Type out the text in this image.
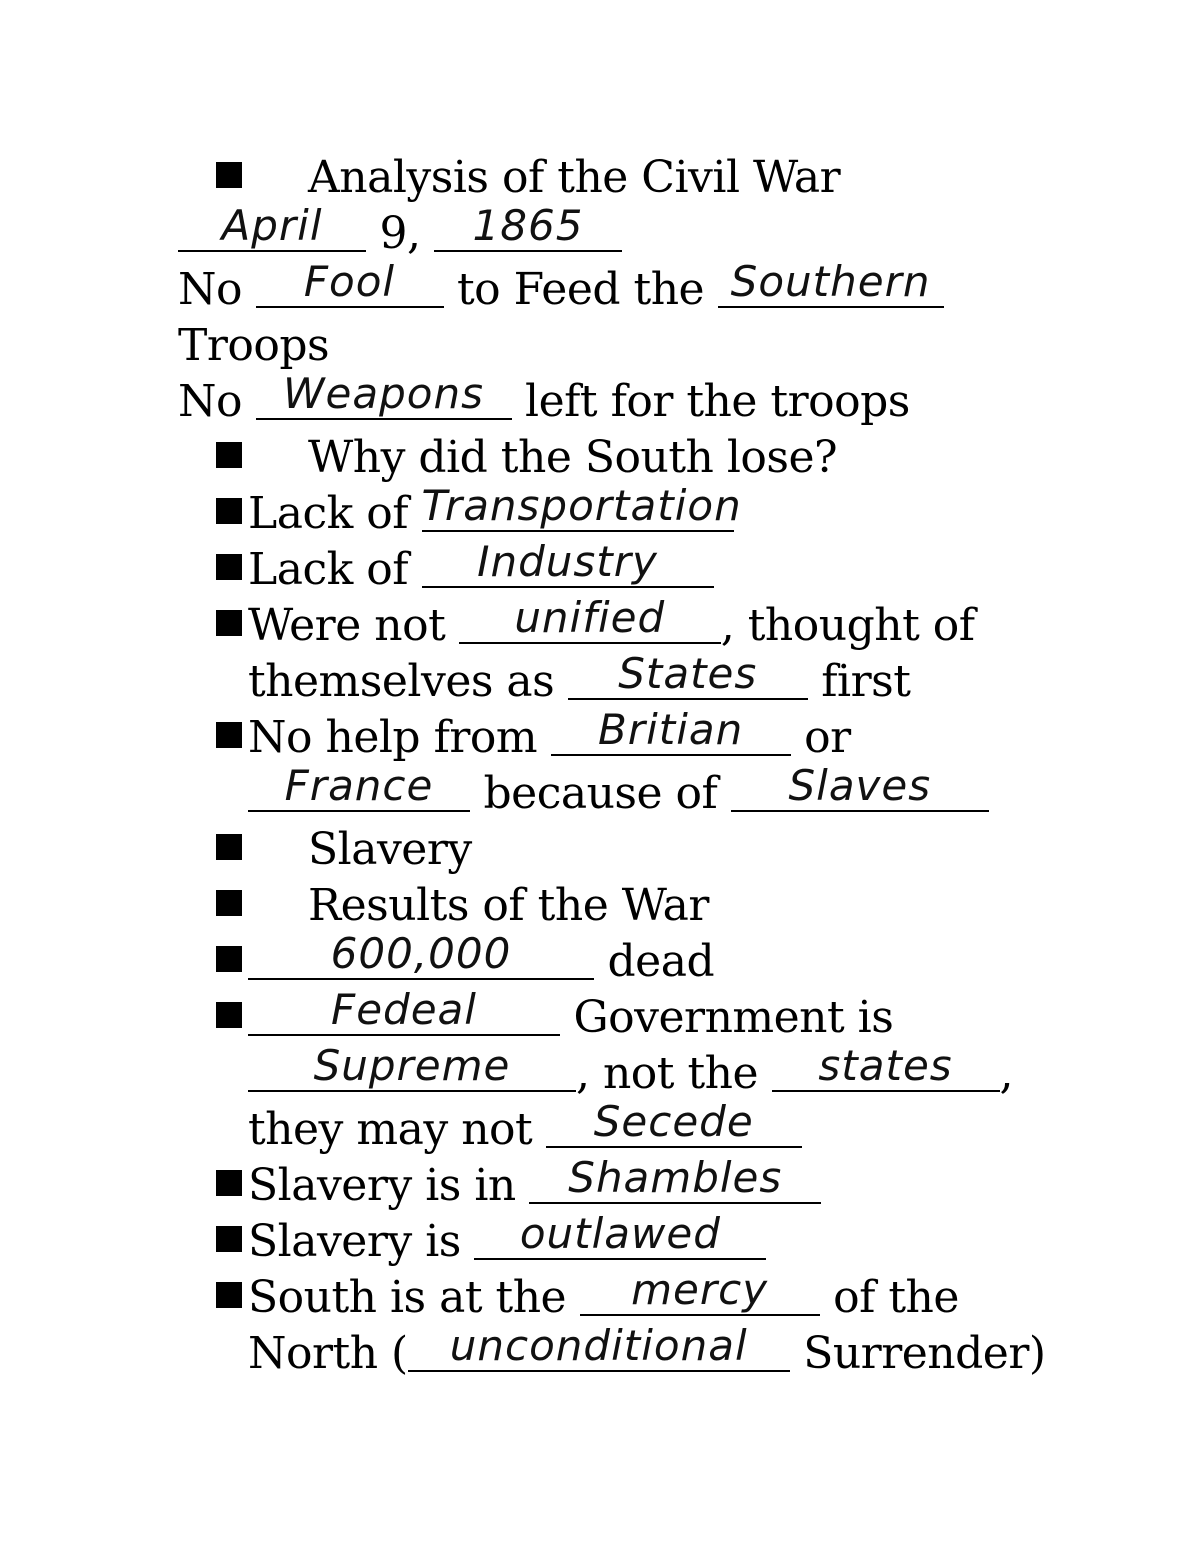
Analysis of the Civil War
April	9,	1865
No	Fool	to Feed the Southern
Troops
No Weapons left for the troops
Why did the South lose?
Lack of Transportation
Lack of	Industry
Were not	unified	, thought of
themselves as	States	first
No help from	Britian	or
France	because of	Slaves
Slavery
Results of the War
600,000	dead
Fedeal	Government is
Supreme	, not the	states	,
they may not	Secede
Slavery is in	Shambles
Slavery is	outlawed
South is at the	mercy	of the
North (	unconditional	Surrender)
